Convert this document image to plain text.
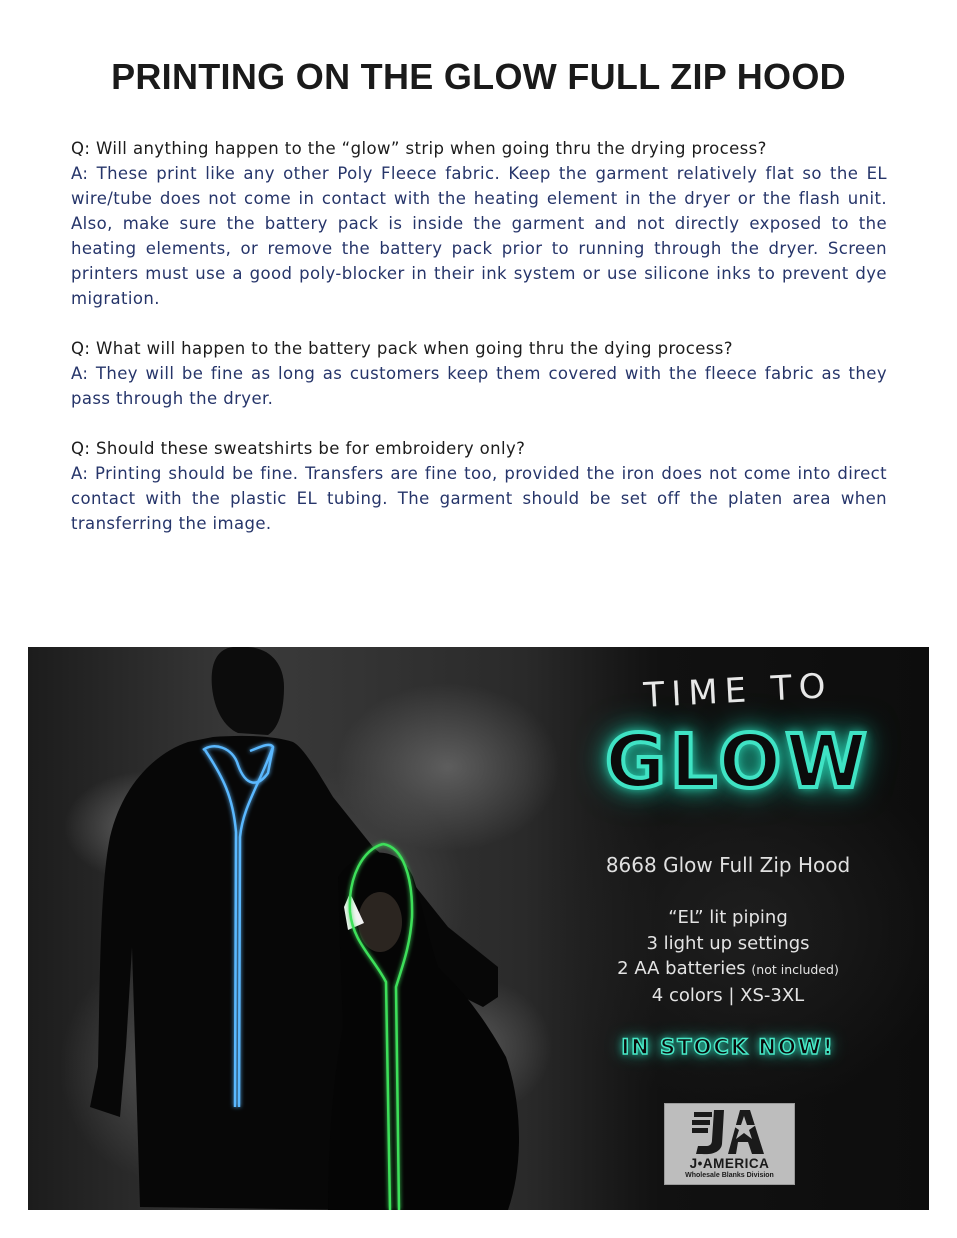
PRINTING ON THE GLOW FULL ZIP HOOD
Q: Will anything happen to the “glow” strip when going thru the drying process?
A: These print like any other Poly Fleece fabric. Keep the garment relatively flat so the EL wire/tube does not come in contact with the heating element in the dryer or the flash unit. Also, make sure the battery pack is inside the garment and not directly exposed to the heating elements, or remove the battery pack prior to running through the dryer. Screen printers must use a good poly-blocker in their ink system or use silicone inks to prevent dye migration.
Q: What will happen to the battery pack when going thru the dying process?
A: They will be fine as long as customers keep them covered with the fleece fabric as they pass through the dryer.
Q: Should these sweatshirts be for embroidery only?
A: Printing should be fine. Transfers are fine too, provided the iron does not come into direct contact with the plastic EL tubing. The garment should be set off the platen area when transferring the image.
TIME TO
GLOW
8668 Glow Full Zip Hood
“EL” lit piping
3 light up settings
2 AA batteries (not included)
4 colors | XS-3XL
IN STOCK NOW!
J•AMERICA
Wholesale Blanks Division
